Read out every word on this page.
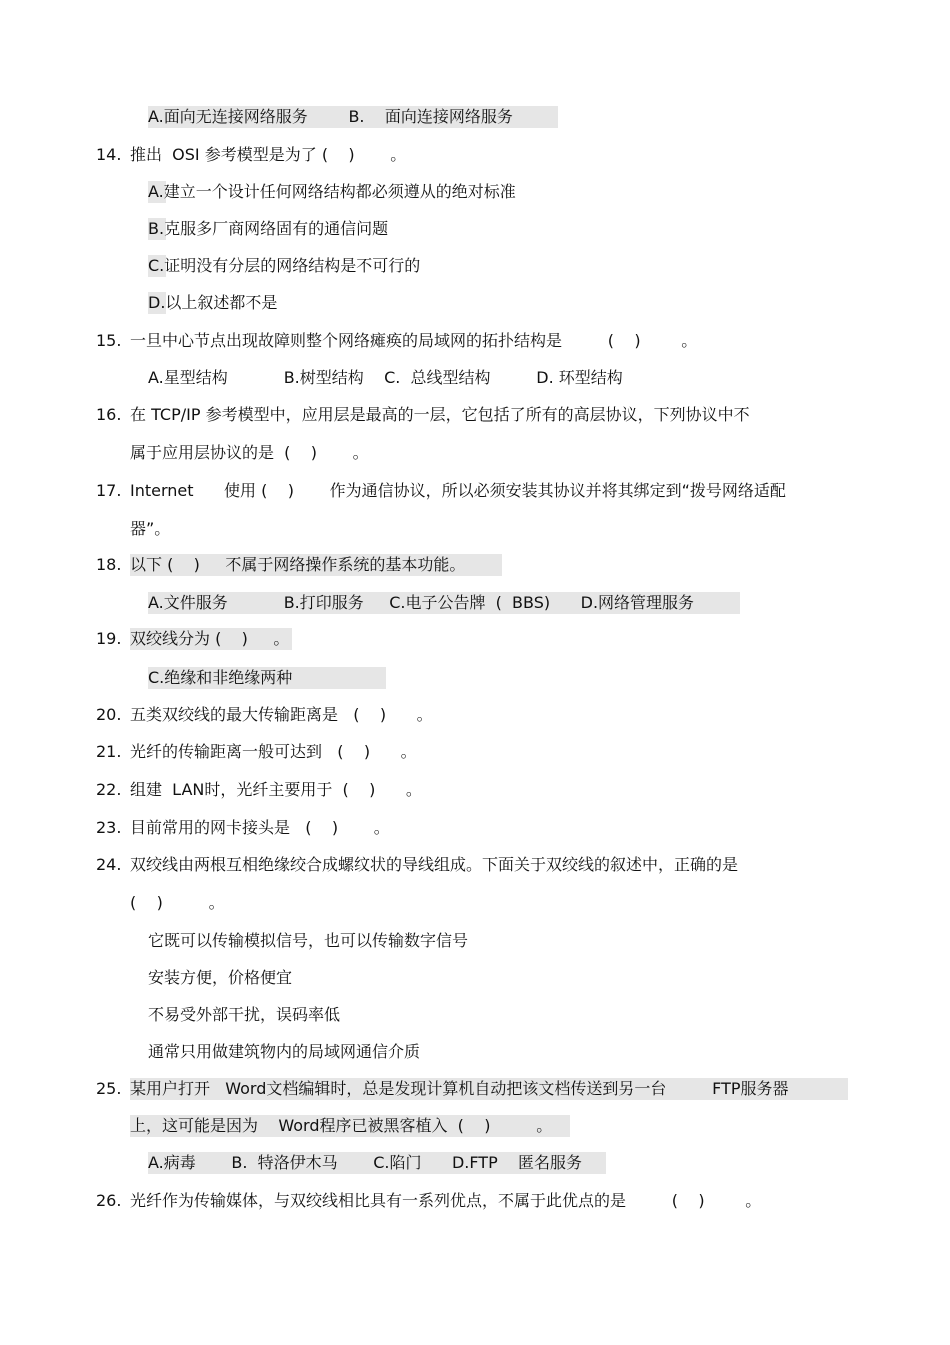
A.面向无连接网络服务        B.    面向连接网络服务
14. 推出  OSI 参考模型是为了 (    )       。
A.建立一个设计任何网络结构都必须遵从的绝对标准
B.克服多厂商网络固有的通信问题
C.证明没有分层的网络结构是不可行的
D.以上叙述都不是
15. 一旦中心节点出现故障则整个网络瘫痪的局域网的拓扑结构是         (    )        。
A.星型结构           B.树型结构    C.  总线型结构         D. 环型结构
16. 在 TCP/IP 参考模型中，应用层是最高的一层，它包括了所有的高层协议，下列协议中不
属于应用层协议的是  (    )       。
17. Internet      使用 (    )       作为通信协议，所以必须安装其协议并将其绑定到“拨号网络适配
器”。
18. 以下 (    )     不属于网络操作系统的基本功能。
A.文件服务           B.打印服务     C.电子公告牌  (  BBS)      D.网络管理服务
19. 双绞线分为 (    )     。
C.绝缘和非绝缘两种
20. 五类双绞线的最大传输距离是   (    )      。
21. 光纤的传输距离一般可达到   (    )      。
22. 组建  LAN时，光纤主要用于  (    )      。
23. 目前常用的网卡接头是   (    )       。
24. 双绞线由两根互相绝缘绞合成螺纹状的导线组成。下面关于双绞线的叙述中，正确的是
(    )         。
它既可以传输模拟信号，也可以传输数字信号
安装方便，价格便宜
不易受外部干扰，误码率低
通常只用做建筑物内的局域网通信介质
25. 某用户打开   Word文档编辑时，总是发现计算机自动把该文档传送到另一台         FTP服务器
上，这可能是因为    Word程序已被黑客植入  (    )         。
A.病毒       B.  特洛伊木马       C.陷门      D.FTP    匿名服务
26. 光纤作为传输媒体，与双绞线相比具有一系列优点，不属于此优点的是         (    )        。
